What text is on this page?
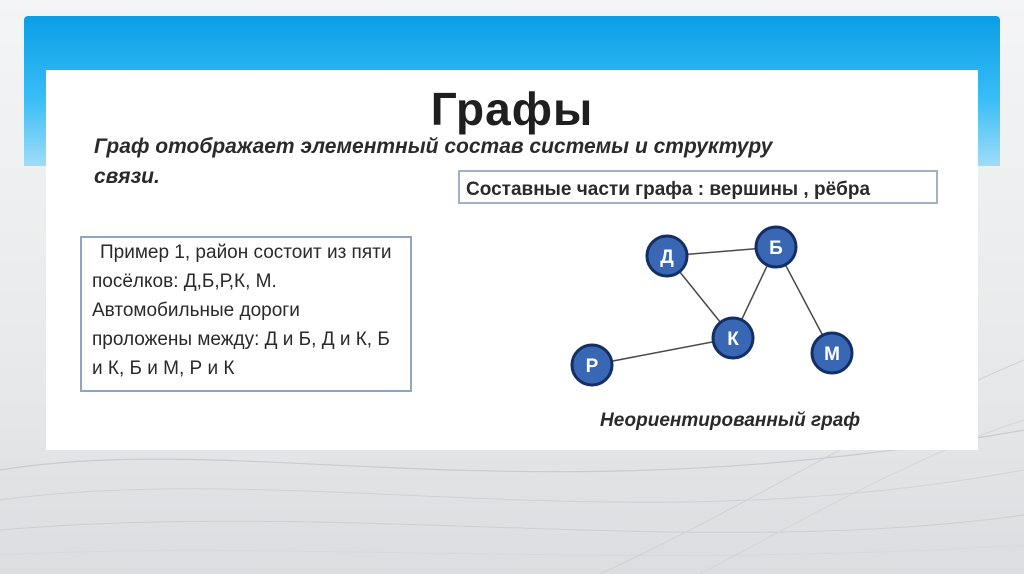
Графы
Граф отображает элементный состав системы и структуру связи.
Составные части графа : вершины , рёбра
Пример 1, район состоит из пяти посёлков: Д,Б,Р,К, М. Автомобильные дороги проложены между: Д и Б, Д и К, Б и К, Б и М, Р и К
Д	Б
К
Р
М
Неориентированный граф
